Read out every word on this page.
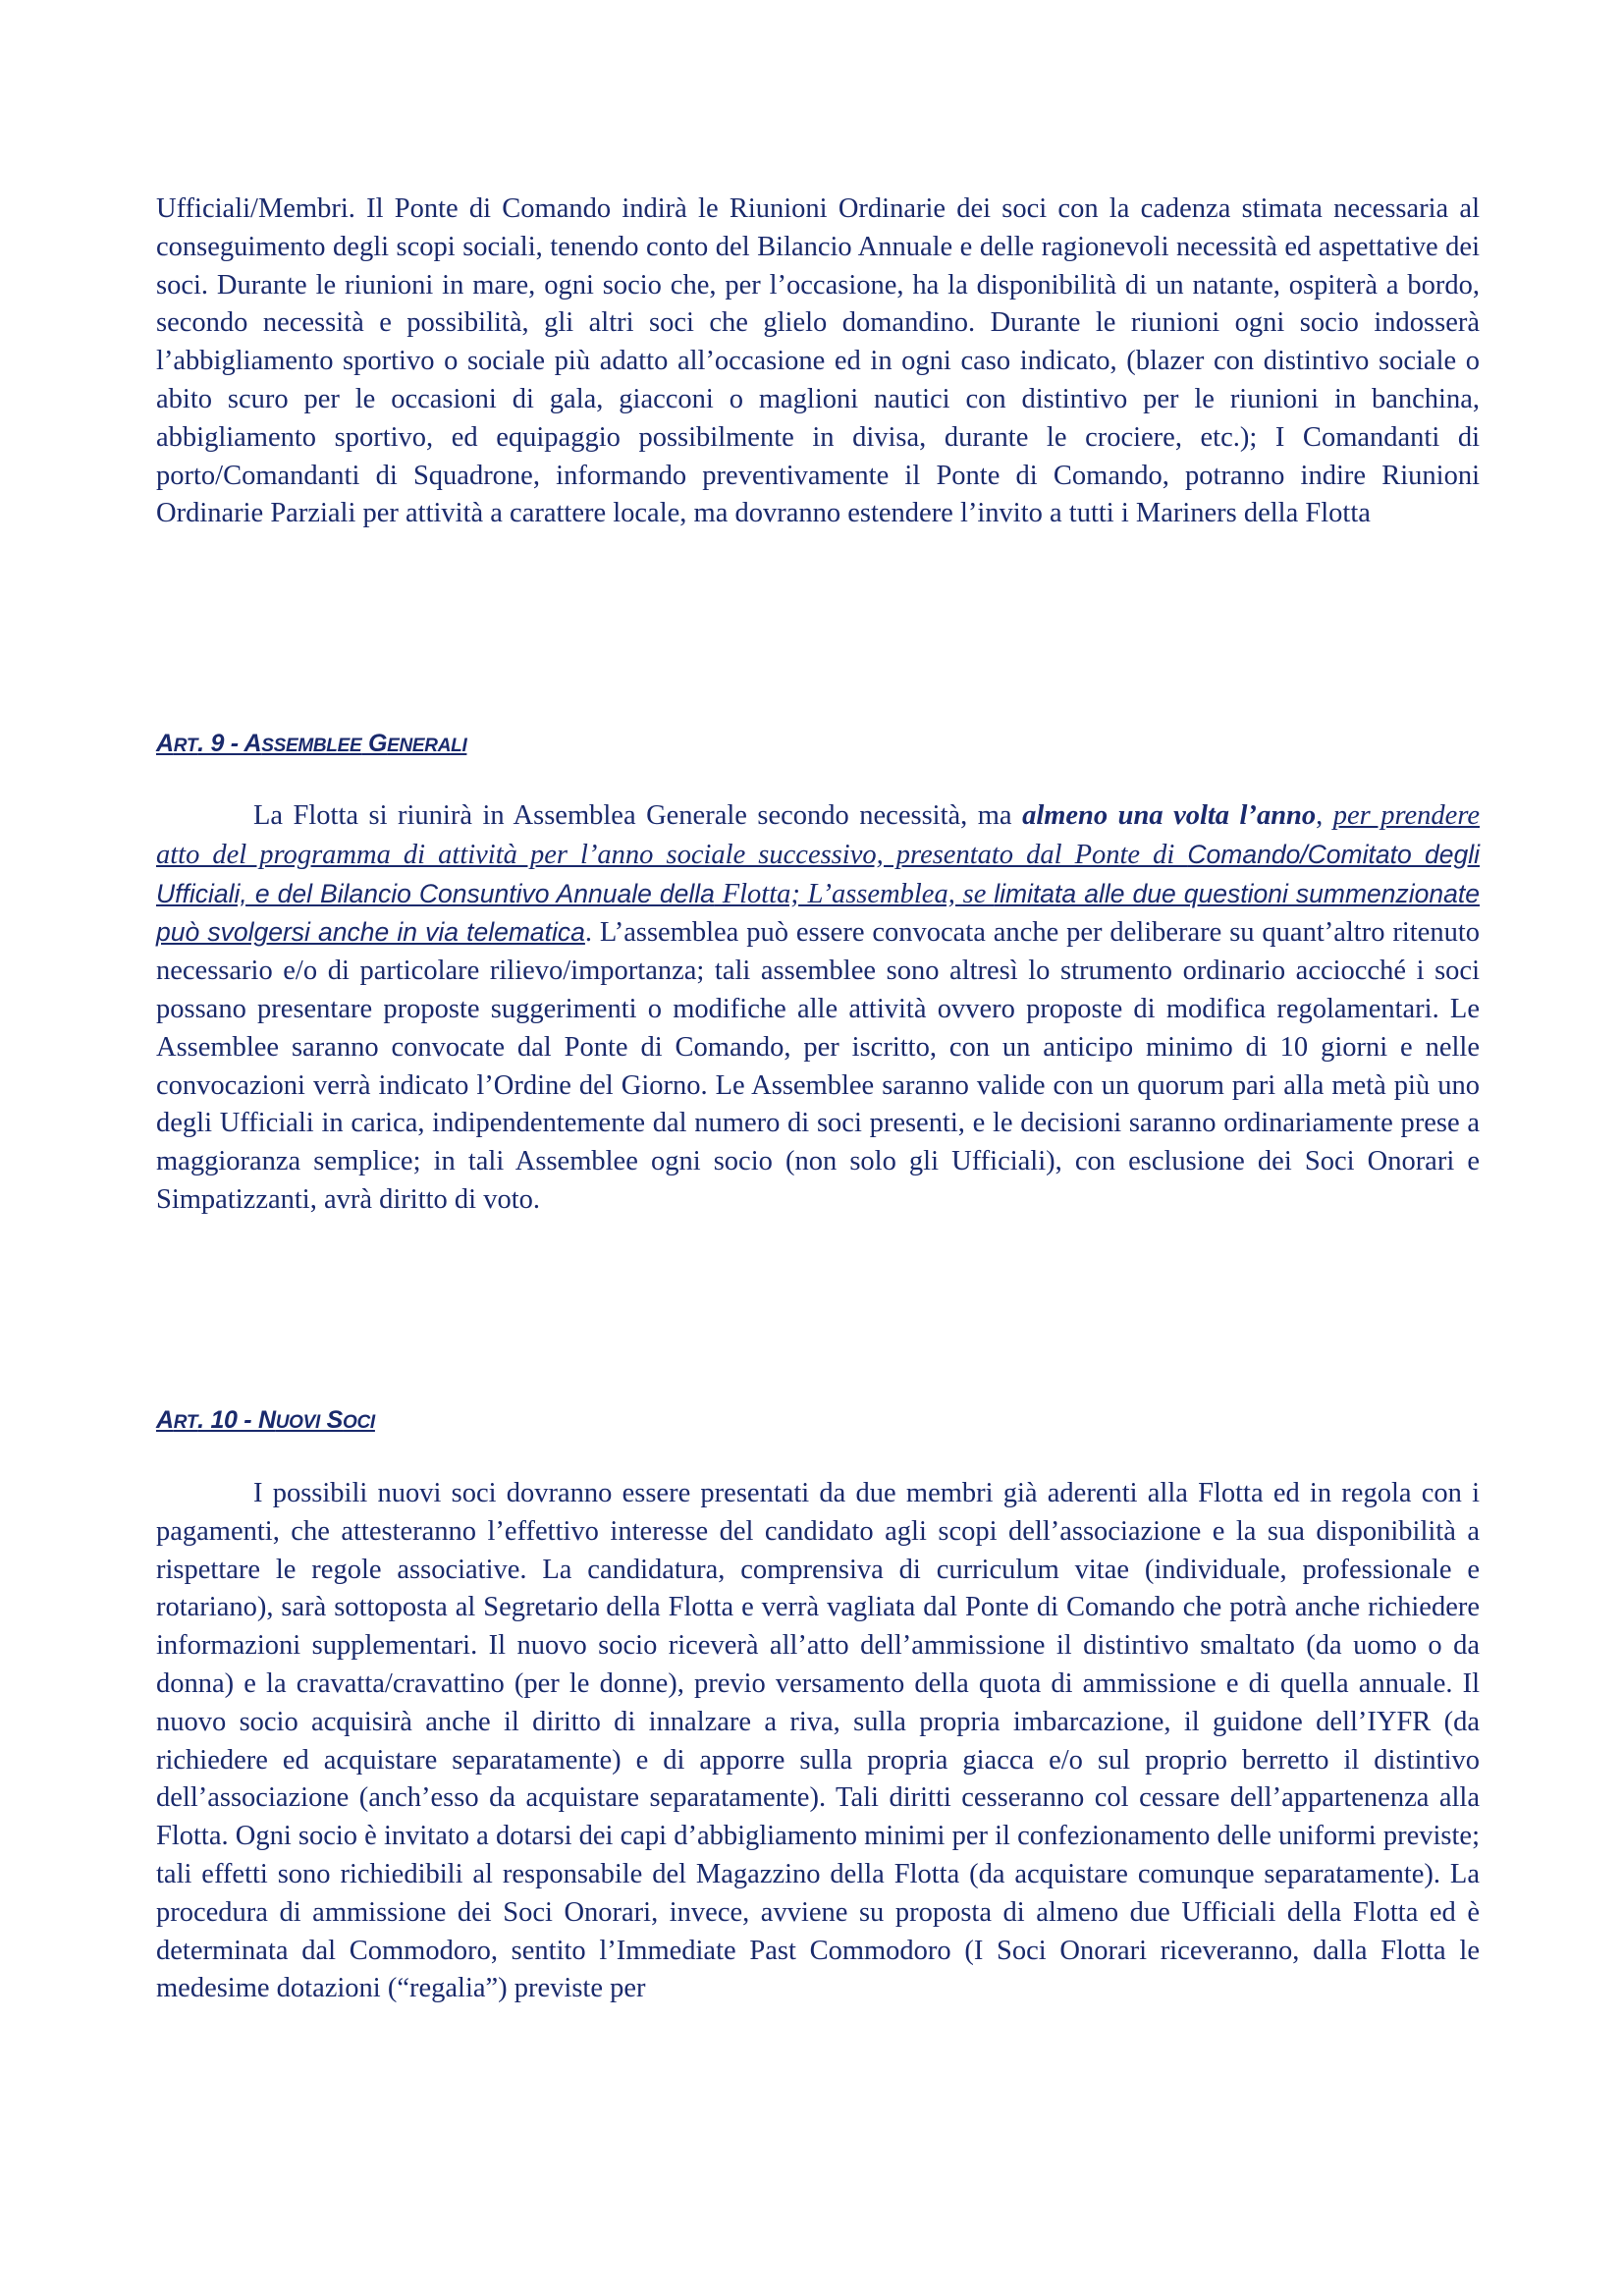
Ufficiali/Membri. Il Ponte di Comando indirà le Riunioni Ordinarie dei soci con la cadenza stimata necessaria al conseguimento degli scopi sociali, tenendo conto del Bilancio Annuale e delle ragionevoli necessità ed aspettative dei soci. Durante le riunioni in mare, ogni socio che, per l’occasione, ha la disponibilità di un natante, ospiterà a bordo, secondo necessità e possibilità, gli altri soci che glielo domandino. Durante le riunioni ogni socio indosserà l’abbigliamento sportivo o sociale più adatto all’occasione ed in ogni caso indicato, (blazer con distintivo sociale o abito scuro per le occasioni di gala, giacconi o maglioni nautici con distintivo per le riunioni in banchina, abbigliamento sportivo, ed equipaggio possibilmente in divisa, durante le crociere, etc.); I Comandanti di porto/Comandanti di Squadrone, informando preventivamente il Ponte di Comando, potranno indire Riunioni Ordinarie Parziali per attività a carattere locale, ma dovranno estendere l’invito a tutti i Mariners della Flotta

ART. 9 - ASSEMBLEE GENERALI

La Flotta si riunirà in Assemblea Generale secondo necessità, ma almeno una volta l’anno, per prendere atto del programma di attività per l’anno sociale successivo, presentato dal Ponte di Comando/Comitato degli Ufficiali, e del Bilancio Consuntivo Annuale della Flotta; L’assemblea, se limitata alle due questioni summenzionate può svolgersi anche in via telematica. L’assemblea può essere convocata anche per deliberare su quant’altro ritenuto necessario e/o di particolare rilievo/importanza; tali assemblee sono altresì lo strumento ordinario acciocché i soci possano presentare proposte suggerimenti o modifiche alle attività ovvero proposte di modifica regolamentari. Le Assemblee saranno convocate dal Ponte di Comando, per iscritto, con un anticipo minimo di 10 giorni e nelle convocazioni verrà indicato l’Ordine del Giorno. Le Assemblee saranno valide con un quorum pari alla metà più uno degli Ufficiali in carica, indipendentemente dal numero di soci presenti, e le decisioni saranno ordinariamente prese a maggioranza semplice; in tali Assemblee ogni socio (non solo gli Ufficiali), con esclusione dei Soci Onorari e Simpatizzanti, avrà diritto di voto.

ART. 10 - NUOVI SOCI

I possibili nuovi soci dovranno essere presentati da due membri già aderenti alla Flotta ed in regola con i pagamenti, che attesteranno l’effettivo interesse del candidato agli scopi dell’associazione e la sua disponibilità a rispettare le regole associative. La candidatura, comprensiva di curriculum vitae (individuale, professionale e rotariano), sarà sottoposta al Segretario della Flotta e verrà vagliata dal Ponte di Comando che potrà anche richiedere informazioni supplementari. Il nuovo socio riceverà all’atto dell’ammissione il distintivo smaltato (da uomo o da donna) e la cravatta/cravattino (per le donne), previo versamento della quota di ammissione e di quella annuale. Il nuovo socio acquisirà anche il diritto di innalzare a riva, sulla propria imbarcazione, il guidone dell’IYFR (da richiedere ed acquistare separatamente) e di apporre sulla propria giacca e/o sul proprio berretto il distintivo dell’associazione (anch’esso da acquistare separatamente). Tali diritti cesseranno col cessare dell’appartenenza alla Flotta. Ogni socio è invitato a dotarsi dei capi d’abbigliamento minimi per il confezionamento delle uniformi previste; tali effetti sono richiedibili al responsabile del Magazzino della Flotta (da acquistare comunque separatamente). La procedura di ammissione dei Soci Onorari, invece, avviene su proposta di almeno due Ufficiali della Flotta ed è determinata dal Commodoro, sentito l’Immediate Past Commodoro (I Soci Onorari riceveranno, dalla Flotta le medesime dotazioni (“regalia”) previste per
